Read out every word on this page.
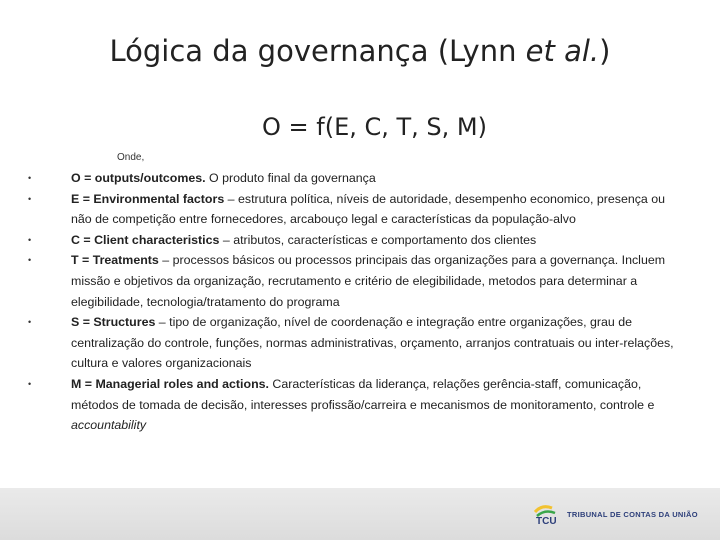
Lógica da governança (Lynn et al.)
O = f(E, C, T, S, M)
Onde,
•	O = outputs/outcomes. O produto final da governança
•	E = Environmental factors – estrutura política, níveis de autoridade, desempenho economico, presença ou não de competição entre fornecedores, arcabouço legal e características da população-alvo
•	C = Client characteristics – atributos, características e comportamento dos clientes
•	T = Treatments – processos básicos ou processos principais das organizações para a governança. Incluem missão e objetivos da organização, recrutamento e critério de elegibilidade, metodos para determinar a elegibilidade, tecnologia/tratamento do programa
•	S = Structures – tipo de organização, nível de coordenação e integração entre organizações, grau de centralização do controle, funções, normas administrativas, orçamento, arranjos contratuais ou inter-relações, cultura e valores organizacionais
•	M = Managerial roles and actions. Características da liderança, relações gerência-staff, comunicação, métodos de tomada de decisão, interesses profissão/carreira e mecanismos de monitoramento, controle e accountability
TCU
TRIBUNAL DE CONTAS DA UNIÃO
